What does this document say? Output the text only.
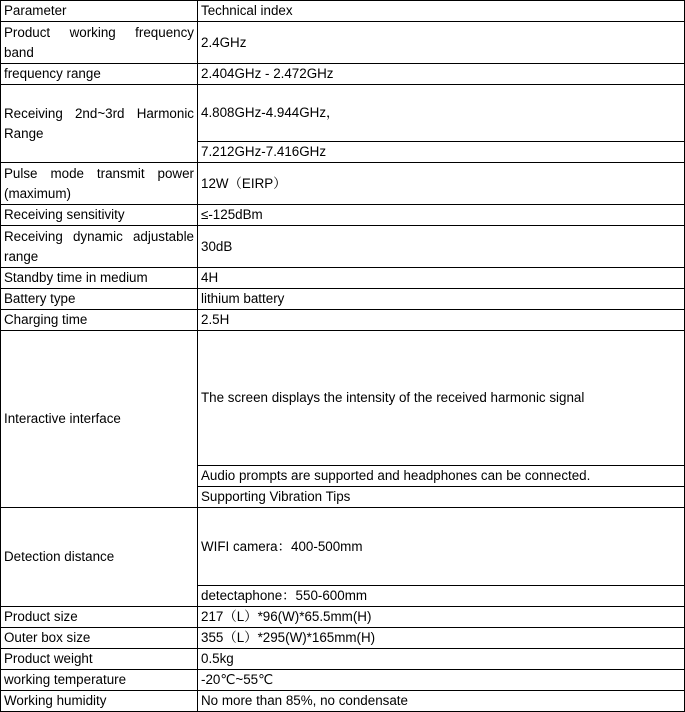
Parameter	Technical index
Product working frequency band	2.4GHz
frequency range	2.404GHz - 2.472GHz
Receiving 2nd~3rd Harmonic Range	4.808GHz-4.944GHz，
	7.212GHz-7.416GHz
Pulse mode transmit power (maximum)	12W（EIRP）
Receiving sensitivity	≤-125dBm
Receiving dynamic adjustable range	30dB
Standby time in medium	4H
Battery type	lithium battery
Charging time	2.5H
Interactive interface	The screen displays the intensity of the received harmonic signal
	Audio prompts are supported and headphones can be connected.
	Supporting Vibration Tips
Detection distance	WIFI camera：400-500mm
	detectaphone：550-600mm
Product size	217（L）*96(W)*65.5mm(H)
Outer box size	355（L）*295(W)*165mm(H)
Product weight	0.5kg
working temperature	-20℃~55℃
Working humidity	No more than 85%, no condensate
